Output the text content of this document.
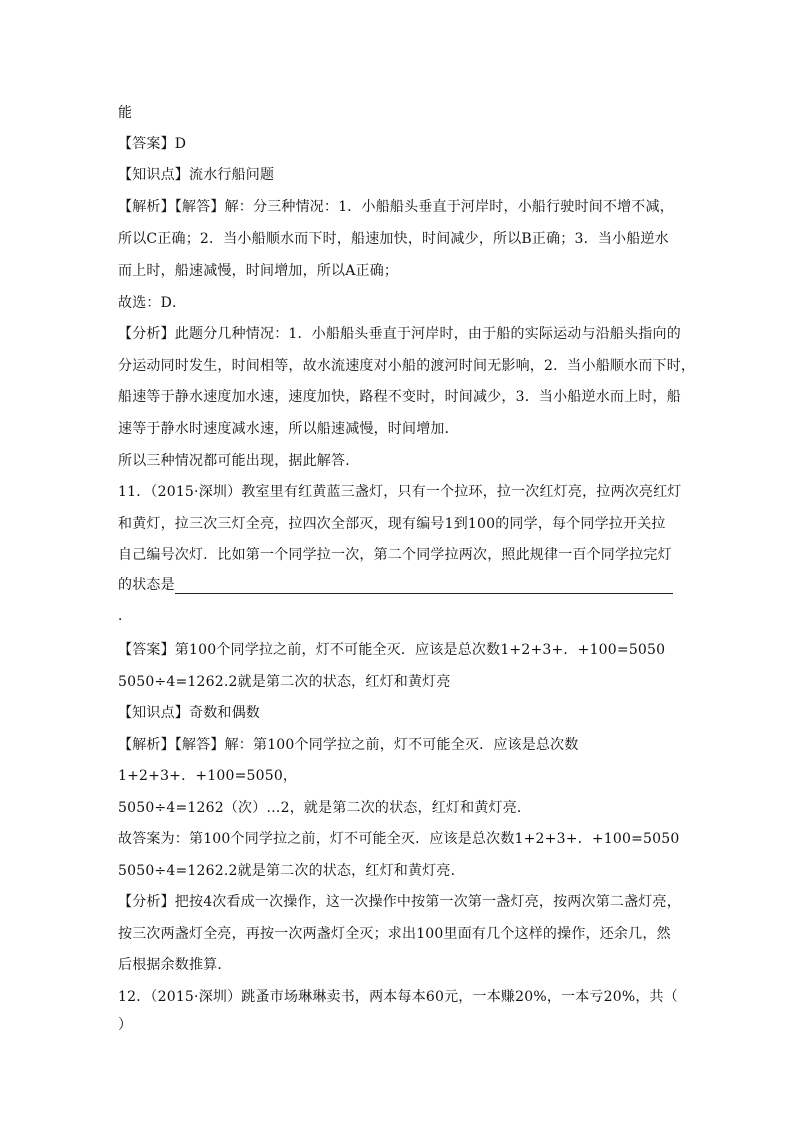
能
【答案】D
【知识点】流水行船问题
【解析】【解答】解：分三种情况：1．小船船头垂直于河岸时，小船行驶时间不增不减，
所以C正确；2．当小船顺水而下时，船速加快，时间减少，所以B正确；3．当小船逆水
而上时，船速减慢，时间增加，所以A正确；
故选：D．
【分析】此题分几种情况：1．小船船头垂直于河岸时，由于船的实际运动与沿船头指向的
分运动同时发生，时间相等，故水流速度对小船的渡河时间无影响，2．当小船顺水而下时，
船速等于静水速度加水速，速度加快，路程不变时，时间减少，3．当小船逆水而上时，船
速等于静水时速度减水速，所以船速减慢，时间增加．
所以三种情况都可能出现，据此解答．
11．（2015·深圳）教室里有红黄蓝三盏灯，只有一个拉环，拉一次红灯亮，拉两次亮红灯
和黄灯，拉三次三灯全亮，拉四次全部灭，现有编号1到100的同学，每个同学拉开关拉
自己编号次灯．比如第一个同学拉一次，第二个同学拉两次，照此规律一百个同学拉完灯
的状态是
．
【答案】第100个同学拉之前，灯不可能全灭．应该是总次数1+2+3+．+100=5050
5050÷4=1262.2就是第二次的状态，红灯和黄灯亮
【知识点】奇数和偶数
【解析】【解答】解：第100个同学拉之前，灯不可能全灭．应该是总次数
1+2+3+．+100=5050，
5050÷4=1262（次）…2，就是第二次的状态，红灯和黄灯亮．
故答案为：第100个同学拉之前，灯不可能全灭．应该是总次数1+2+3+．+100=5050
5050÷4=1262.2就是第二次的状态，红灯和黄灯亮．
【分析】把按4次看成一次操作，这一次操作中按第一次第一盏灯亮，按两次第二盏灯亮，
按三次两盏灯全亮，再按一次两盏灯全灭；求出100里面有几个这样的操作，还余几，然
后根据余数推算．
12．（2015·深圳）跳蚤市场琳琳卖书，两本每本60元，一本赚20%，一本亏20%，共（
）
